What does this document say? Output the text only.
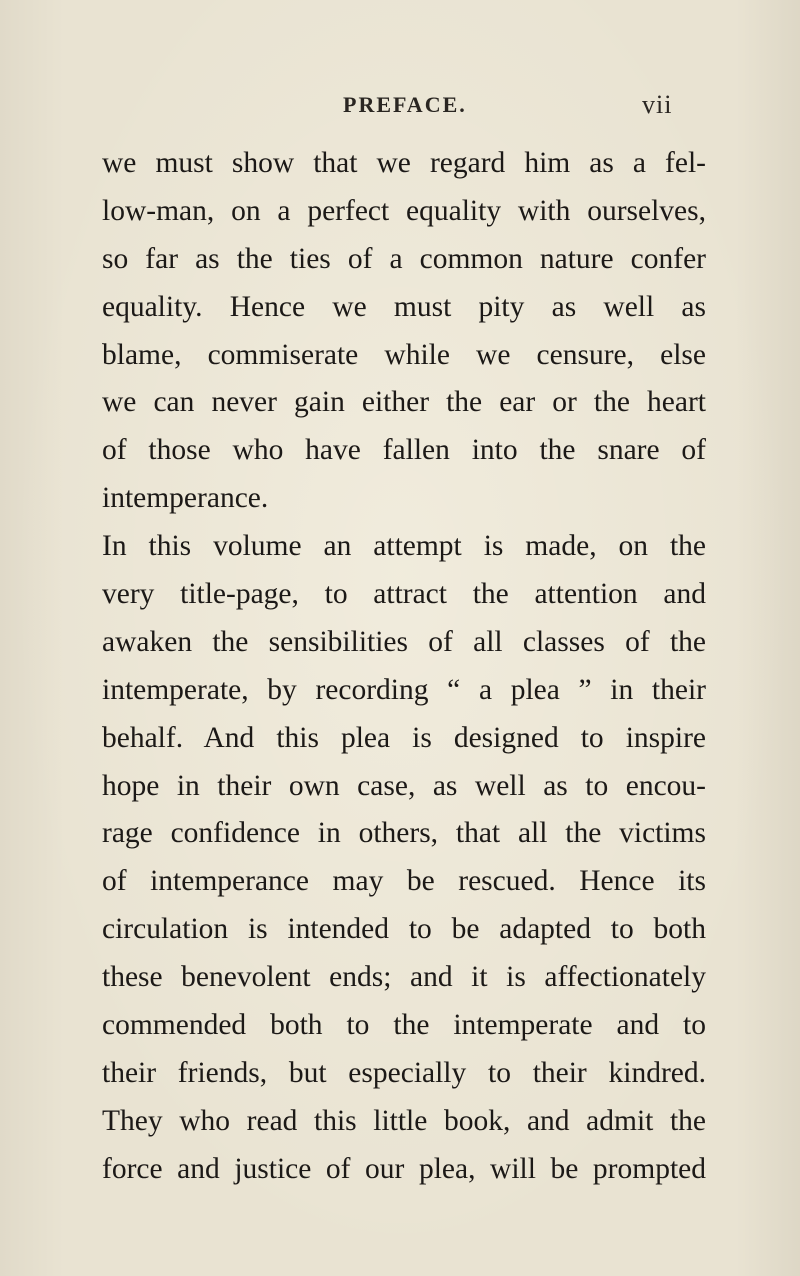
PREFACE.	vii
we must show that we regard him as a fel-
low-man, on a perfect equality with ourselves,
so far as the ties of a common nature confer
equality. Hence we must pity as well as
blame, commiserate while we censure, else
we can never gain either the ear or the heart
of those who have fallen into the snare of
intemperance.
In this volume an attempt is made, on the
very title-page, to attract the attention and
awaken the sensibilities of all classes of the
intemperate, by recording “ a plea ” in their
behalf. And this plea is designed to inspire
hope in their own case, as well as to encou-
rage confidence in others, that all the victims
of intemperance may be rescued. Hence its
circulation is intended to be adapted to both
these benevolent ends; and it is affectionately
commended both to the intemperate and to
their friends, but especially to their kindred.
They who read this little book, and admit the
force and justice of our plea, will be prompted
